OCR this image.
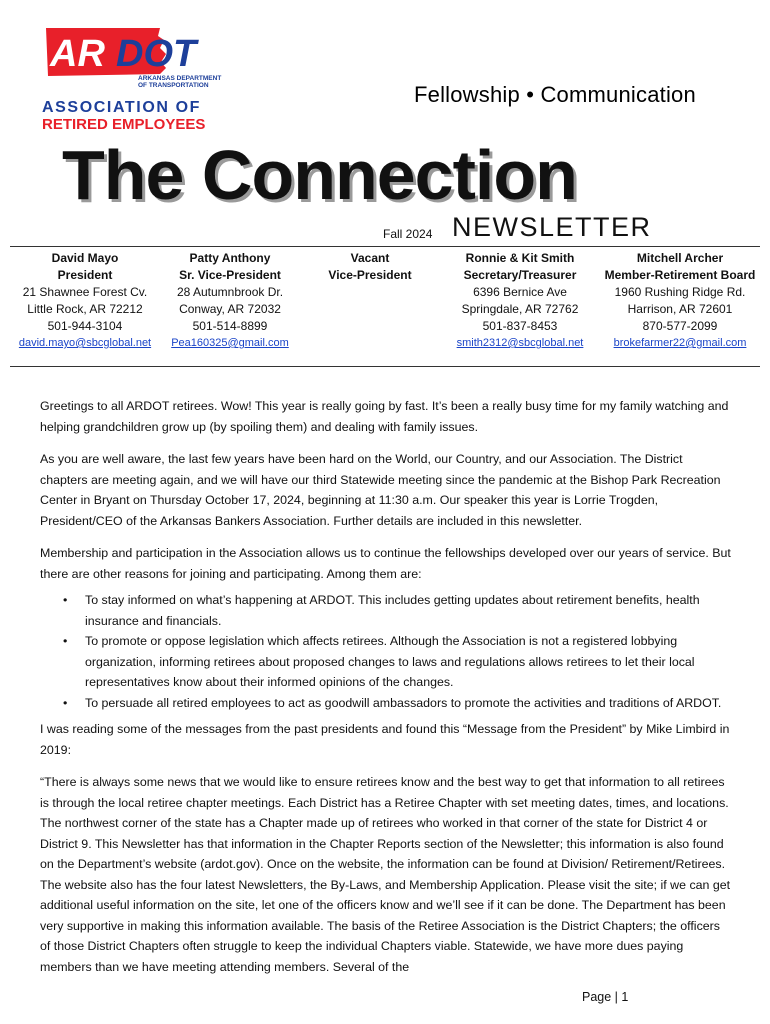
AR DOT
ARKANSAS DEPARTMENT
OF TRANSPORTATION
ASSOCIATION OF
RETIRED EMPLOYEES
Fellowship • Communication
The Connection
Fall 2024 NEWSLETTER
David Mayo
President
21 Shawnee Forest Cv.
Little Rock, AR 72212
501-944-3104
david.mayo@sbcglobal.net
Patty Anthony
Sr. Vice-President
28 Autumnbrook Dr.
Conway, AR 72032
501-514-8899
Pea160325@gmail.com
Vacant
Vice-President
Ronnie & Kit Smith
Secretary/Treasurer
6396 Bernice Ave
Springdale, AR 72762
501-837-8453
smith2312@sbcglobal.net
Mitchell Archer
Member-Retirement Board
1960 Rushing Ridge Rd.
Harrison, AR 72601
870-577-2099
brokefarmer22@gmail.com

Greetings to all ARDOT retirees. Wow! This year is really going by fast. It’s been a really busy time for my family watching and helping grandchildren grow up (by spoiling them) and dealing with family issues.

As you are well aware, the last few years have been hard on the World, our Country, and our Association. The District chapters are meeting again, and we will have our third Statewide meeting since the pandemic at the Bishop Park Recreation Center in Bryant on Thursday October 17, 2024, beginning at 11:30 a.m. Our speaker this year is Lorrie Trogden, President/CEO of the Arkansas Bankers Association. Further details are included in this newsletter.

Membership and participation in the Association allows us to continue the fellowships developed over our years of service. But there are other reasons for joining and participating. Among them are:

• To stay informed on what’s happening at ARDOT. This includes getting updates about retirement benefits, health insurance and financials.
• To promote or oppose legislation which affects retirees. Although the Association is not a registered lobbying organization, informing retirees about proposed changes to laws and regulations allows retirees to let their local representatives know about their informed opinions of the changes.
• To persuade all retired employees to act as goodwill ambassadors to promote the activities and traditions of ARDOT.

I was reading some of the messages from the past presidents and found this “Message from the President” by Mike Limbird in 2019:

“There is always some news that we would like to ensure retirees know and the best way to get that information to all retirees is through the local retiree chapter meetings. Each District has a Retiree Chapter with set meeting dates, times, and locations. The northwest corner of the state has a Chapter made up of retirees who worked in that corner of the state for District 4 or District 9. This Newsletter has that information in the Chapter Reports section of the Newsletter; this information is also found on the Department’s website (ardot.gov). Once on the website, the information can be found at Division/ Retirement/Retirees. The website also has the four latest Newsletters, the By-Laws, and Membership Application. Please visit the site; if we can get additional useful information on the site, let one of the officers know and we’ll see if it can be done. The Department has been very supportive in making this information available. The basis of the Retiree Association is the District Chapters; the officers of those District Chapters often struggle to keep the individual Chapters viable. Statewide, we have more dues paying members than we have meeting attending members. Several of the

Page | 1
